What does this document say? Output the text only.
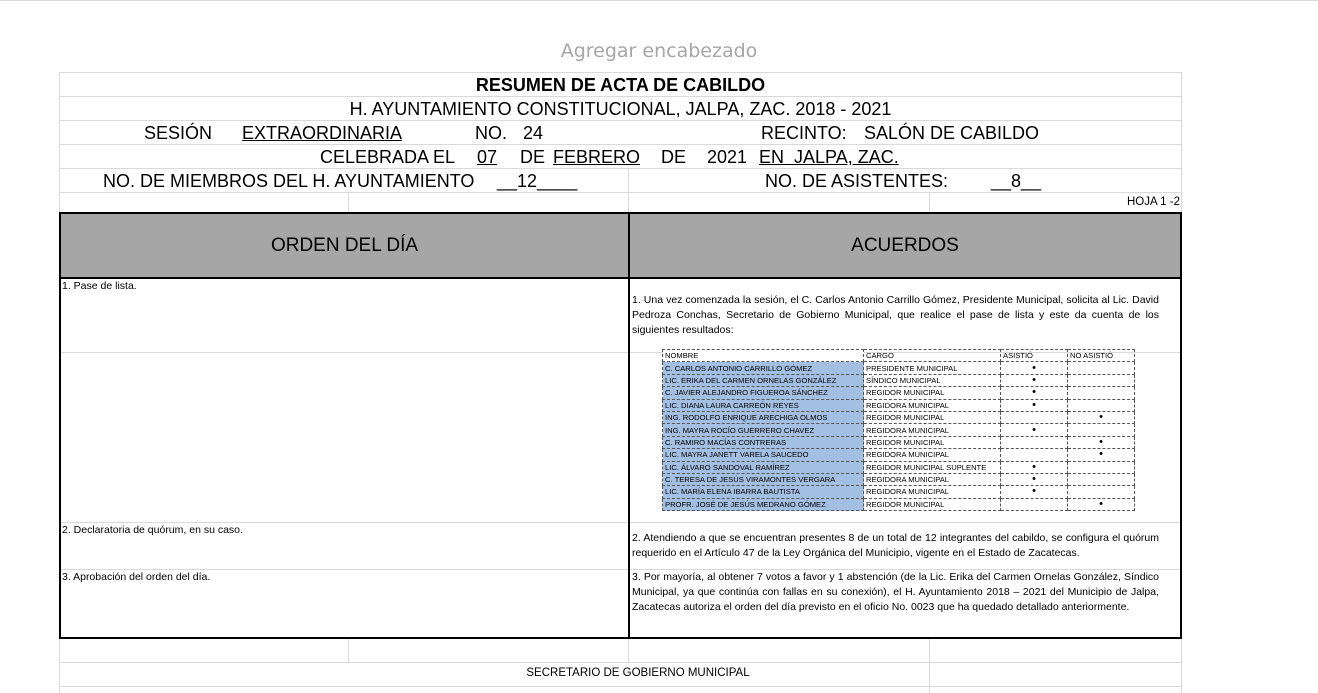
Agregar encabezado
RESUMEN DE ACTA DE CABILDO
H. AYUNTAMIENTO CONSTITUCIONAL, JALPA, ZAC. 2018 - 2021
SESIÓN EXTRAORDINARIA	NO. 24	RECINTO: SALÓN DE CABILDO
CELEBRADA EL 07 DE FEBRERO DE 2021 EN  JALPA, ZAC.
NO. DE MIEMBROS DEL H. AYUNTAMIENTO __12____	NO. DE ASISTENTES: __8__
HOJA 1 -2
ORDEN DEL DÍA	ACUERDOS
1. Pase de lista.
1. Una vez comenzada la sesión, el C. Carlos Antonio Carrillo Gómez, Presidente Municipal, solicita al Lic. David Pedroza Conchas, Secretario de Gobierno Municipal, que realice el pase de lista y este da cuenta de los siguientes resultados:
2. Declaratoria de quórum, en su caso.
2. Atendiendo a que se encuentran presentes 8 de un total de 12 integrantes del cabildo, se configura el quórum requerido en el Artículo 47 de la Ley Orgánica del Municipio, vigente en el Estado de Zacatecas.
3. Aprobación del orden del día.	3. Por mayoría, al obtener 7 votos a favor y 1 abstención (de la Lic. Erika del Carmen Ornelas González, Síndico Municipal, ya que continúa con fallas en su conexión), el H. Ayuntamiento 2018 – 2021 del Municipio de Jalpa, Zacatecas autoriza el orden del día previsto en el oficio No. 0023 que ha quedado detallado anteriormente.
NOMBRE	CARGO	ASISTIÓ	NO ASISTIÓ
C. CARLOS ANTONIO CARRILLO GÓMEZ	PRESIDENTE MUNICIPAL	•	
LIC. ERIKA DEL CARMEN ORNELAS GONZÁLEZ	SÍNDICO MUNICIPAL	•	
C. JAVIER ALEJANDRO FIGUEROA SÁNCHEZ	REGIDOR MUNICIPAL	•	
LIC. DIANA LAURA CARREÓN REYES	REGIDORA MUNICIPAL	•	
ING. RODOLFO ENRIQUE ARECHIGA OLMOS	REGIDOR MUNICIPAL		•
ING. MAYRA ROCÍO GUERRERO CHAVEZ	REGIDORA MUNICIPAL	•	
C. RAMIRO MACÍAS CONTRERAS	REGIDOR MUNICIPAL		•
LIC. MAYRA JANETT VARELA SAUCEDO	REGIDORA MUNICIPAL		•
LIC. ÁLVARO SANDOVAL RAMÍREZ	REGIDOR MUNICIPAL SUPLENTE	•	
C. TERESA DE JESÚS VIRAMONTES VERGARA	REGIDORA MUNICIPAL	•	
LIC. MARÍA ELENA IBARRA BAUTISTA	REGIDORA MUNICIPAL	•	
PROFR. JOSÉ DE JESÚS MEDRANO GÓMEZ	REGIDOR MUNICIPAL		•
SECRETARIO DE GOBIERNO MUNICIPAL
